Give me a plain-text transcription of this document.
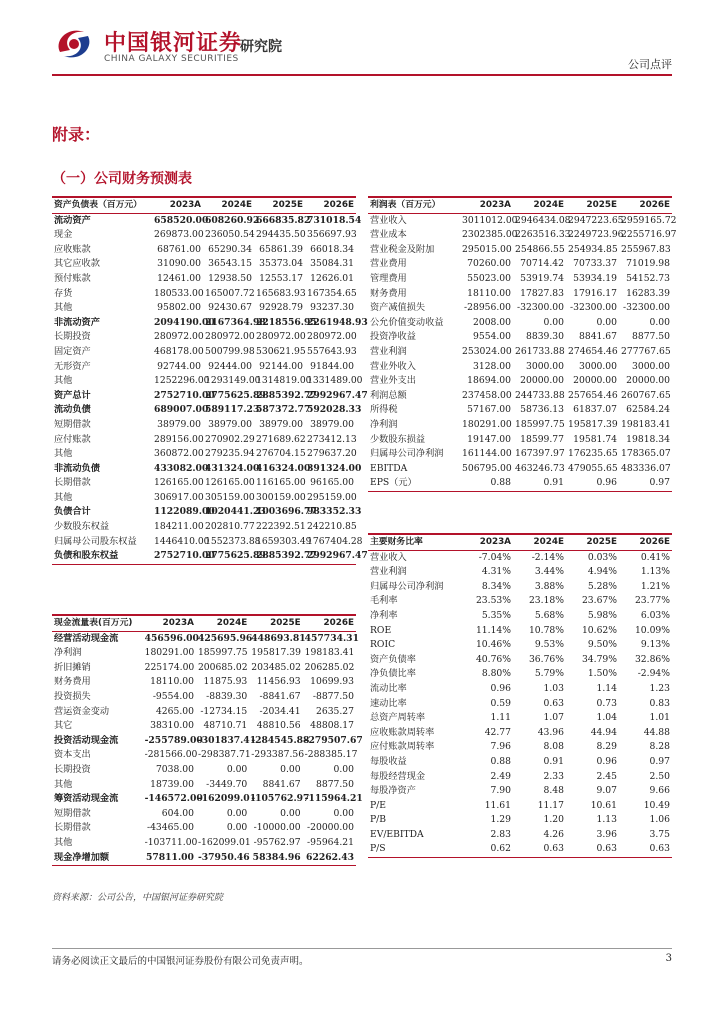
中国银河证券
CHINA GALAXY SECURITIES
研究院
公司点评
附录：
（一）公司财务预测表
资产负债表（百万元）	2023A	2024E	2025E	2026E
流动资产	658520.00	608260.92	666835.82	731018.54
现金	269873.00	236050.54	294435.50	356697.93
应收账款	68761.00	65290.34	65861.39	66018.34
其它应收款	31090.00	36543.15	35373.04	35084.31
预付账款	12461.00	12938.50	12553.17	12626.01
存货	180533.00	165007.72	165683.93	167354.65
其他	95802.00	92430.67	92928.79	93237.30
非流动资产	2094190.00	2167364.98	2218556.95	2261948.93
长期投资	280972.00	280972.00	280972.00	280972.00
固定资产	468178.00	500799.98	530621.95	557643.93
无形资产	92744.00	92444.00	92144.00	91844.00
其他	1252296.00	1293149.00	1314819.00	1331489.00
资产总计	2752710.00	2775625.89	2885392.77	2992967.47
流动负债	689007.00	589117.23	587372.77	592028.33
短期借款	38979.00	38979.00	38979.00	38979.00
应付账款	289156.00	270902.29	271689.62	273412.13
其他	360872.00	279235.94	276704.15	279637.20
非流动负债	433082.00	431324.00	416324.00	391324.00
长期借款	126165.00	126165.00	116165.00	96165.00
其他	306917.00	305159.00	300159.00	295159.00
负债合计	1122089.00	1020441.23	1003696.77	983352.33
少数股东权益	184211.00	202810.77	222392.51	242210.85
归属母公司股东权益	1446410.00	1552373.88	1659303.49	1767404.28
负债和股东权益	2752710.00	2775625.89	2885392.77	2992967.47
现金流量表(百万元)	2023A	2024E	2025E	2026E
经营活动现金流	456596.00	425695.96	448693.81	457734.31
净利润	180291.00	185997.75	195817.39	198183.41
折旧摊销	225174.00	200685.02	203485.02	206285.02
财务费用	18110.00	11875.93	11456.93	10699.93
投资损失	-9554.00	-8839.30	-8841.67	-8877.50
营运资金变动	4265.00	-12734.15	-2034.41	2635.27
其它	38310.00	48710.71	48810.56	48808.17
投资活动现金流	-255789.00	-301837.41	-284545.88	-279507.67
资本支出	-281566.00	-298387.71	-293387.56	-288385.17
长期投资	7038.00	0.00	0.00	0.00
其他	18739.00	-3449.70	8841.67	8877.50
筹资活动现金流	-146572.00	-162099.01	-105762.97	-115964.21
短期借款	604.00	0.00	0.00	0.00
长期借款	-43465.00	0.00	-10000.00	-20000.00
其他	-103711.00	-162099.01	-95762.97	-95964.21
现金净增加额	57811.00	-37950.46	58384.96	62262.43
利润表（百万元）	2023A	2024E	2025E	2026E
营业收入	3011012.00	2946434.08	2947223.65	2959165.72
营业成本	2302385.00	2263516.33	2249723.96	2255716.97
营业税金及附加	295015.00	254866.55	254934.85	255967.83
营业费用	70260.00	70714.42	70733.37	71019.98
管理费用	55023.00	53919.74	53934.19	54152.73
财务费用	18110.00	17827.83	17916.17	16283.39
资产减值损失	-28956.00	-32300.00	-32300.00	-32300.00
公允价值变动收益	2008.00	0.00	0.00	0.00
投资净收益	9554.00	8839.30	8841.67	8877.50
营业利润	253024.00	261733.88	274654.46	277767.65
营业外收入	3128.00	3000.00	3000.00	3000.00
营业外支出	18694.00	20000.00	20000.00	20000.00
利润总额	237458.00	244733.88	257654.46	260767.65
所得税	57167.00	58736.13	61837.07	62584.24
净利润	180291.00	185997.75	195817.39	198183.41
少数股东损益	19147.00	18599.77	19581.74	19818.34
归属母公司净利润	161144.00	167397.97	176235.65	178365.07
EBITDA	506795.00	463246.73	479055.65	483336.07
EPS（元）	0.88	0.91	0.96	0.97
主要财务比率	2023A	2024E	2025E	2026E
营业收入	-7.04%	-2.14%	0.03%	0.41%
营业利润	4.31%	3.44%	4.94%	1.13%
归属母公司净利润	8.34%	3.88%	5.28%	1.21%
毛利率	23.53%	23.18%	23.67%	23.77%
净利率	5.35%	5.68%	5.98%	6.03%
ROE	11.14%	10.78%	10.62%	10.09%
ROIC	10.46%	9.53%	9.50%	9.13%
资产负债率	40.76%	36.76%	34.79%	32.86%
净负债比率	8.80%	5.79%	1.50%	-2.94%
流动比率	0.96	1.03	1.14	1.23
速动比率	0.59	0.63	0.73	0.83
总资产周转率	1.11	1.07	1.04	1.01
应收账款周转率	42.77	43.96	44.94	44.88
应付账款周转率	7.96	8.08	8.29	8.28
每股收益	0.88	0.91	0.96	0.97
每股经营现金	2.49	2.33	2.45	2.50
每股净资产	7.90	8.48	9.07	9.66
P/E	11.61	11.17	10.61	10.49
P/B	1.29	1.20	1.13	1.06
EV/EBITDA	2.83	4.26	3.96	3.75
P/S	0.62	0.63	0.63	0.63
资料来源：公司公告，中国银河证券研究院
请务必阅读正文最后的中国银河证券股份有限公司免责声明。	3
